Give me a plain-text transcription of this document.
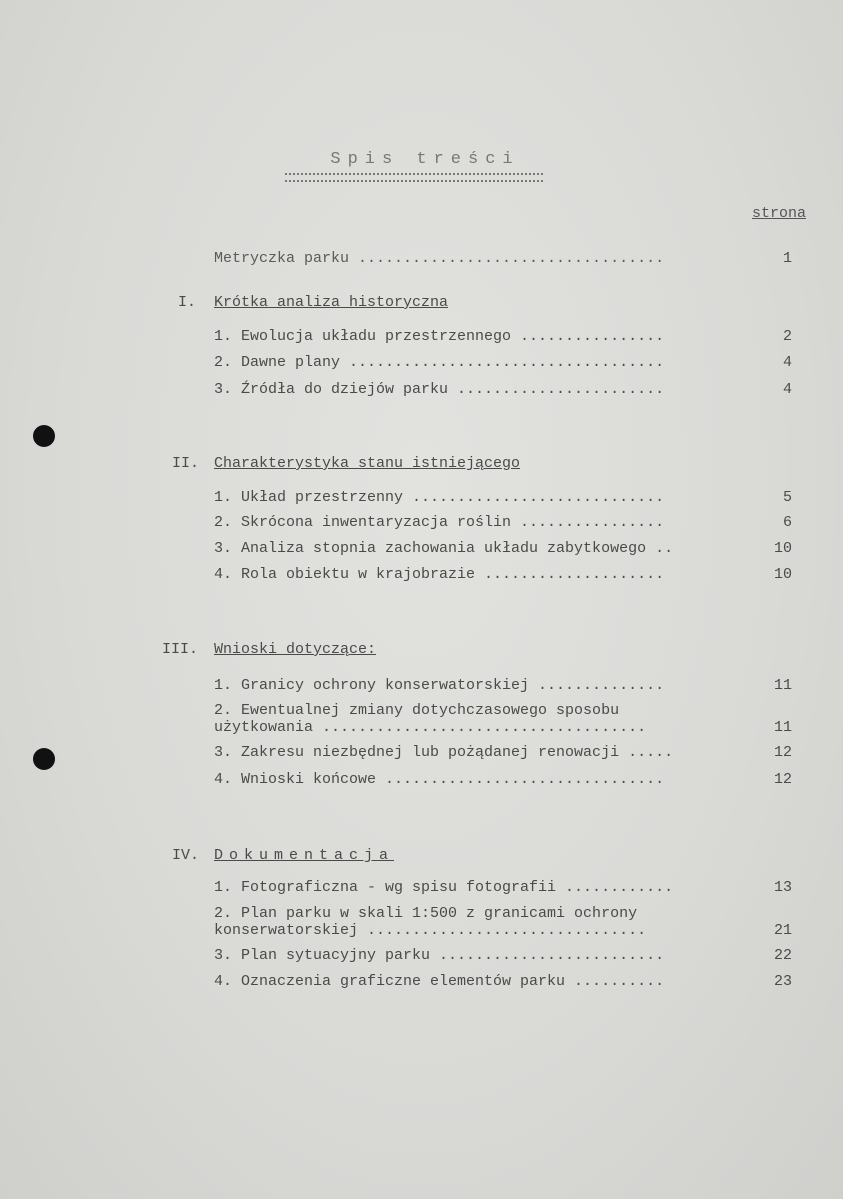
Spis treści
strona
Metryczka parku ..................................	1
I. Krótka analiza historyczna
1. Ewolucja układu przestrzennego ................	2
2. Dawne plany ...................................	4
3. Źródła do dziejów parku .......................	4
II. Charakterystyka stanu istniejącego
1. Układ przestrzenny ............................	5
2. Skrócona inwentaryzacja roślin ................	6
3. Analiza stopnia zachowania układu zabytkowego ..	10
4. Rola obiektu w krajobrazie ....................	10
III. Wnioski dotyczące:
1. Granicy ochrony konserwatorskiej ..............	11
2. Ewentualnej zmiany dotychczasowego sposobu
użytkowania ....................................	11
3. Zakresu niezbędnej lub pożądanej renowacji .....	12
4. Wnioski końcowe ...............................	12
IV. Dokumentacja
1. Fotograficzna - wg spisu fotografii ............	13
2. Plan parku w skali 1:500 z granicami ochrony
konserwatorskiej ...............................	21
3. Plan sytuacyjny parku .........................	22
4. Oznaczenia graficzne elementów parku ..........	23
